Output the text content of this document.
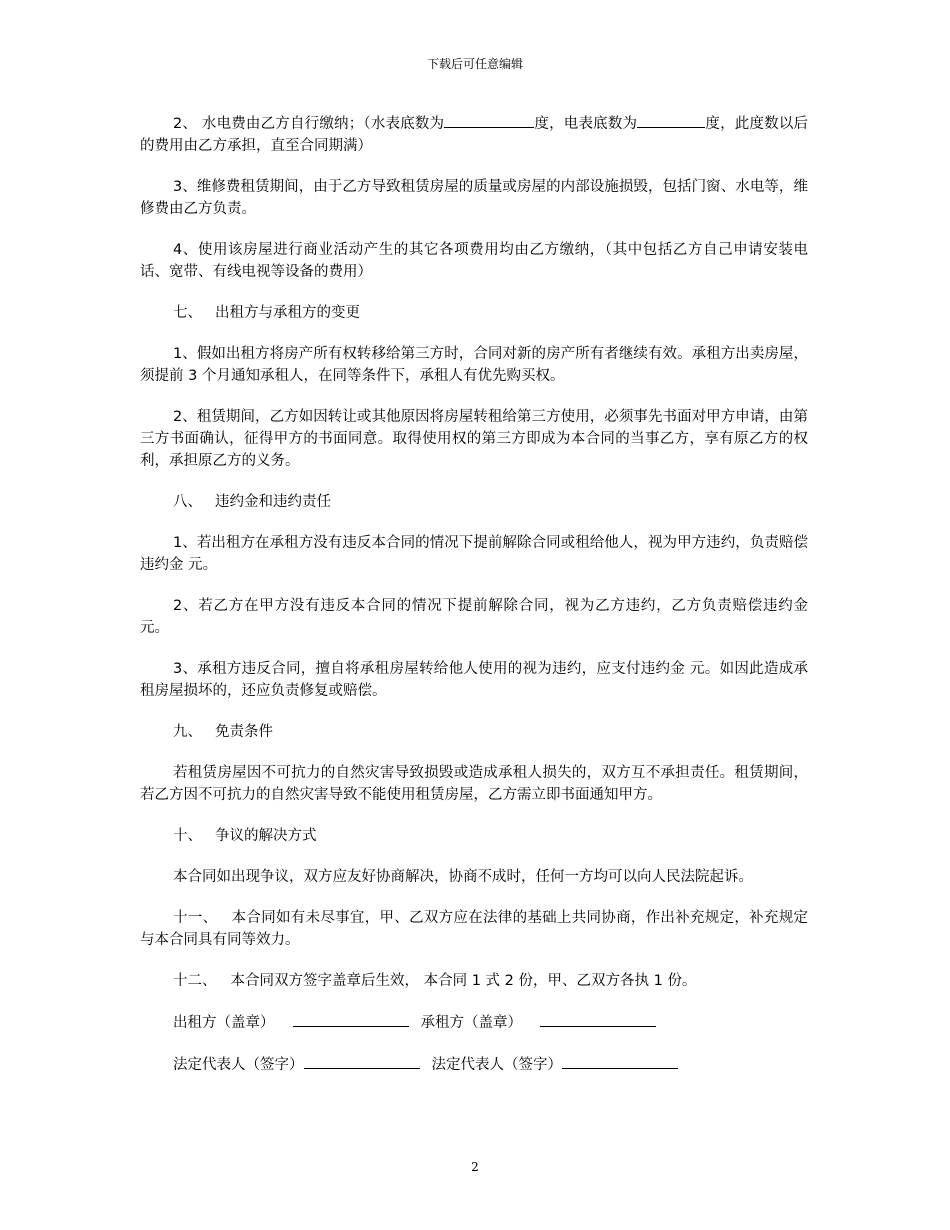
下载后可任意编辑

2、 水电费由乙方自行缴纳；（水表底数为	度，电表底数为	度，此度数以后的费用由乙方承担，直至合同期满）

3、维修费租赁期间，由于乙方导致租赁房屋的质量或房屋的内部设施损毁，包括门窗、水电等，维修费由乙方负责。

4、使用该房屋进行商业活动产生的其它各项费用均由乙方缴纳，（其中包括乙方自己申请安装电话、宽带、有线电视等设备的费用）

七、 出租方与承租方的变更

1、假如出租方将房产所有权转移给第三方时，合同对新的房产所有者继续有效。承租方出卖房屋，须提前 3 个月通知承租人，在同等条件下，承租人有优先购买权。

2、租赁期间，乙方如因转让或其他原因将房屋转租给第三方使用，必须事先书面对甲方申请，由第三方书面确认，征得甲方的书面同意。取得使用权的第三方即成为本合同的当事乙方，享有原乙方的权利，承担原乙方的义务。

八、 违约金和违约责任

1、若出租方在承租方没有违反本合同的情况下提前解除合同或租给他人，视为甲方违约，负责赔偿违约金 元。

2、若乙方在甲方没有违反本合同的情况下提前解除合同，视为乙方违约，乙方负责赔偿违约金 元。

3、承租方违反合同，擅自将承租房屋转给他人使用的视为违约，应支付违约金 元。如因此造成承租房屋损坏的，还应负责修复或赔偿。

九、 免责条件

若租赁房屋因不可抗力的自然灾害导致损毁或造成承租人损失的，双方互不承担责任。租赁期间，若乙方因不可抗力的自然灾害导致不能使用租赁房屋，乙方需立即书面通知甲方。

十、 争议的解决方式

本合同如出现争议，双方应友好协商解决，协商不成时，任何一方均可以向人民法院起诉。

十一、 本合同如有未尽事宜，甲、乙双方应在法律的基础上共同协商，作出补充规定，补充规定与本合同具有同等效力。

十二、 本合同双方签字盖章后生效， 本合同 1 式 2 份，甲、乙双方各执 1 份。

出租方（盖章）	承租方（盖章）
法定代表人（签字）	法定代表人（签字）
2
